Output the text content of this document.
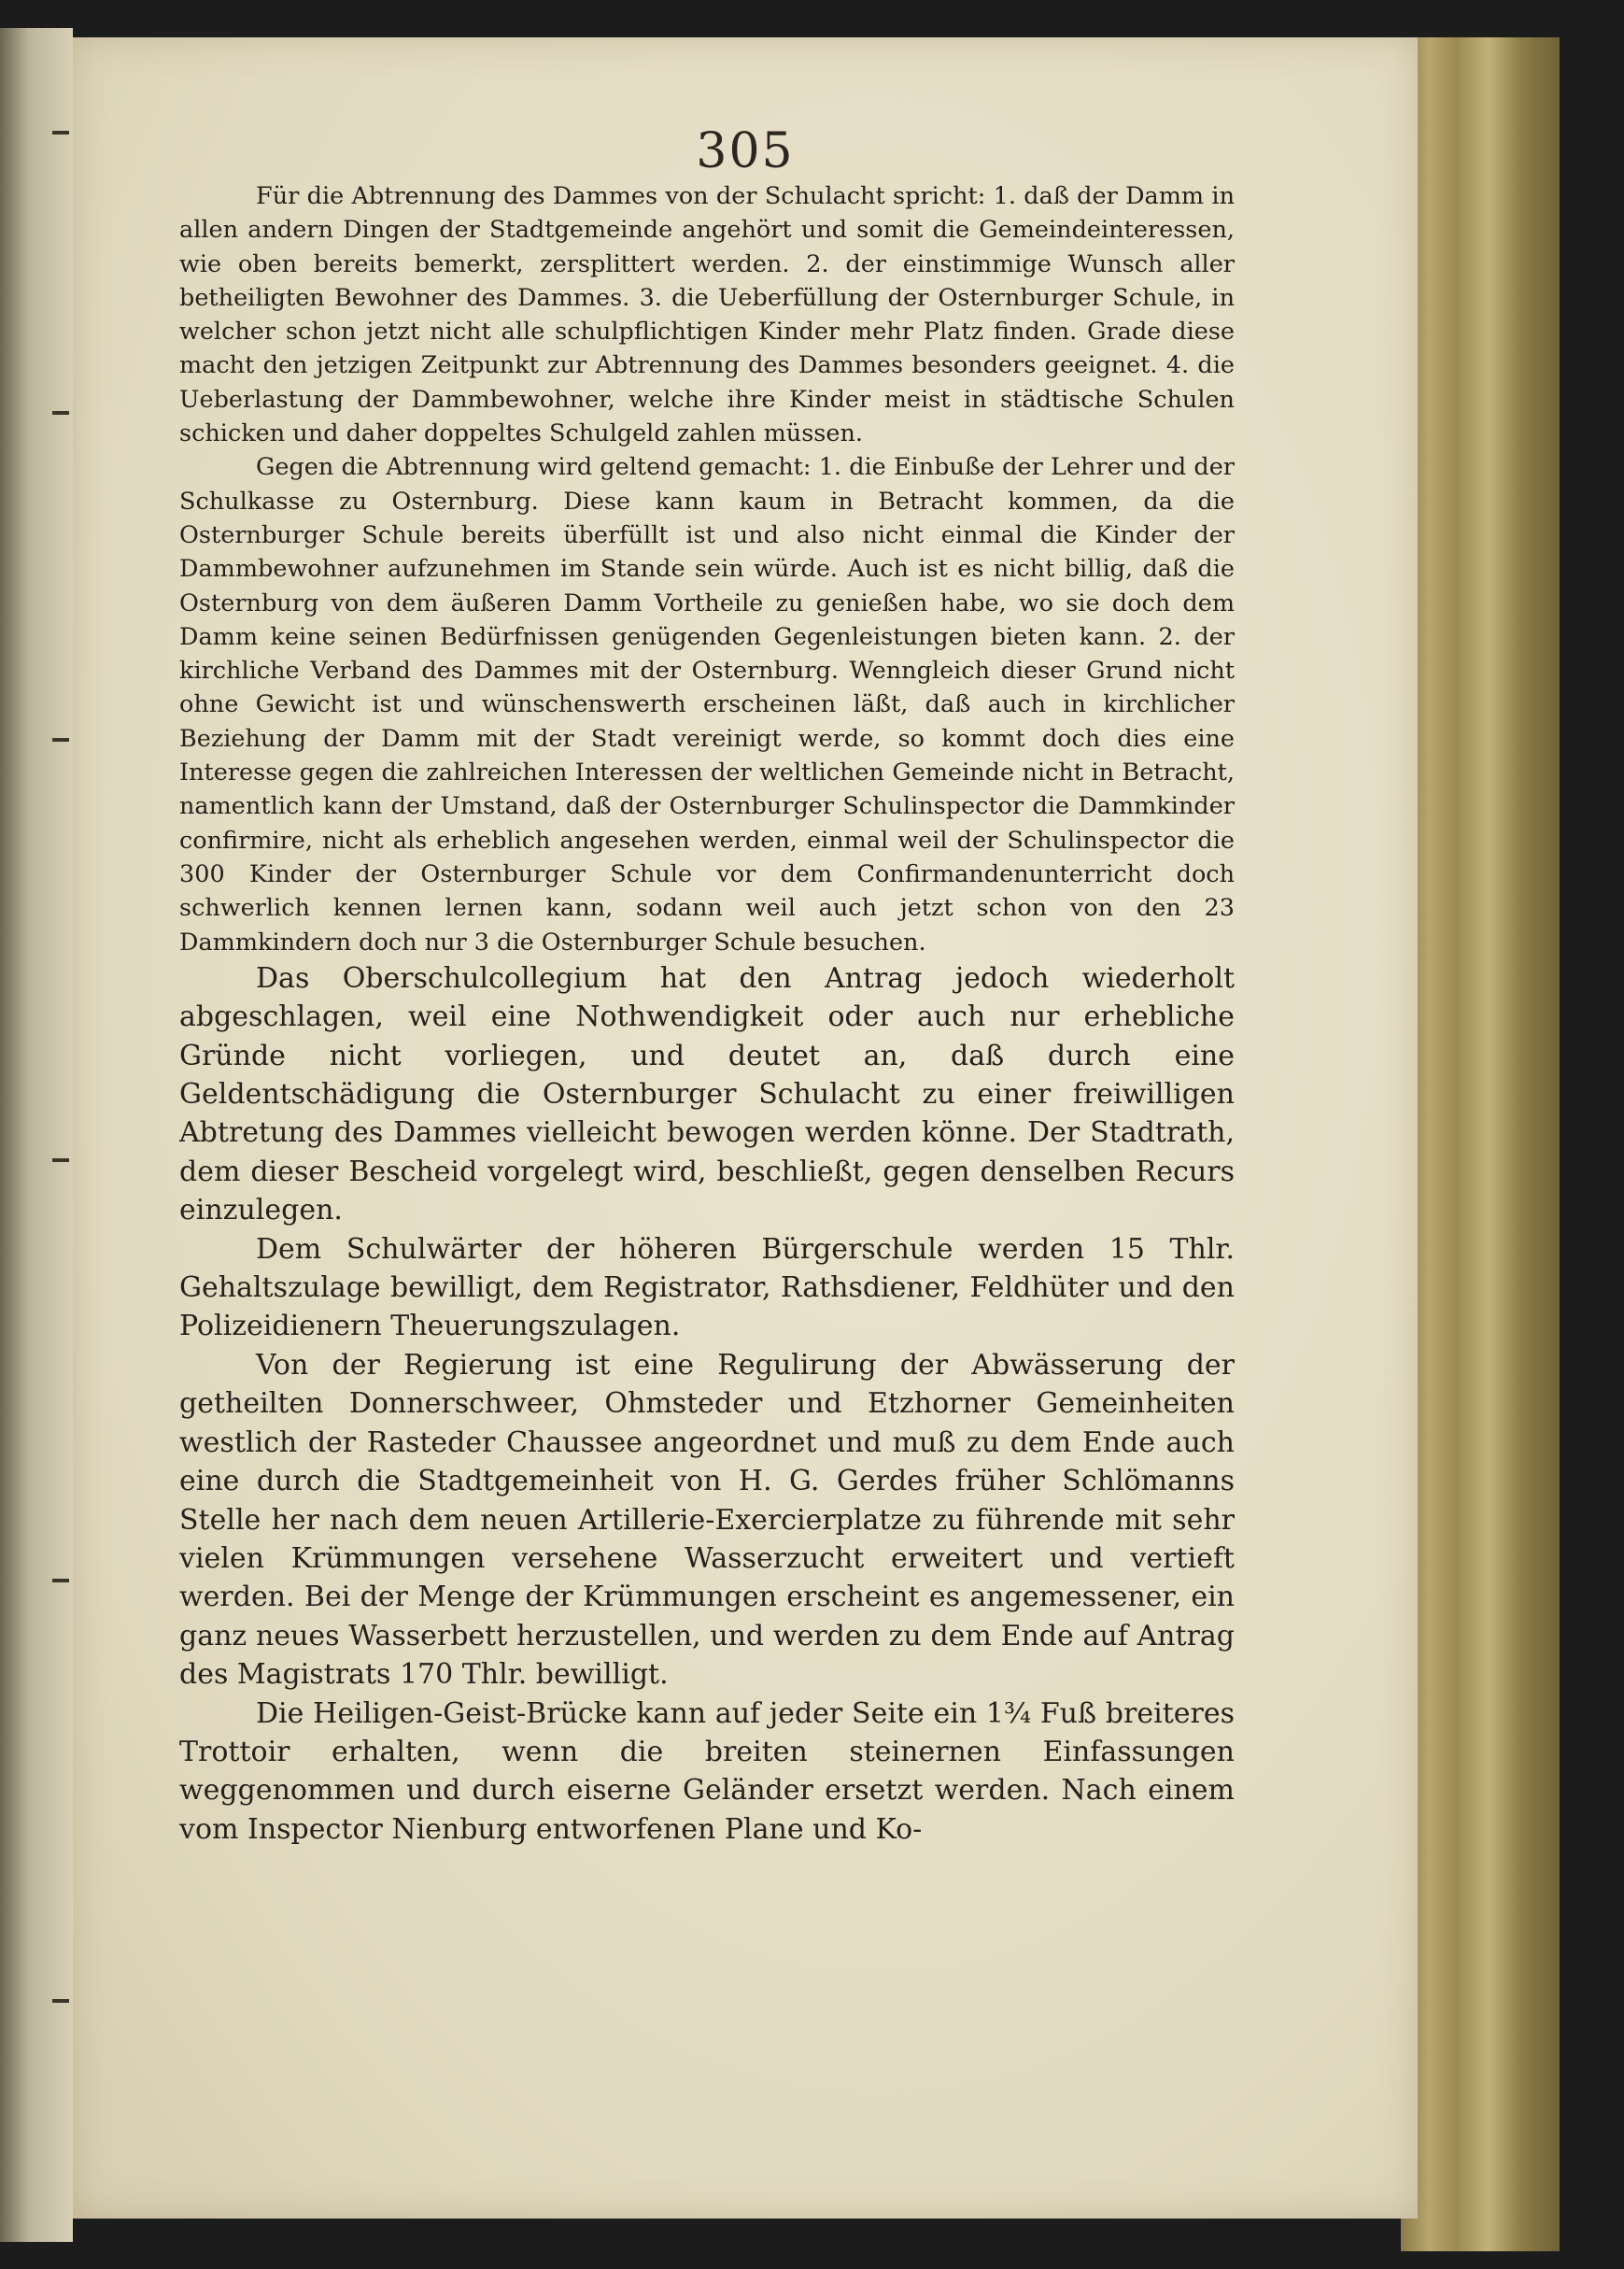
305

Für die Abtrennung des Dammes von der Schulacht spricht: 1. daß der Damm in allen andern Dingen der Stadtgemeinde angehört und somit die Gemeindeinteressen, wie oben bereits bemerkt, zersplittert werden. 2. der einstimmige Wunsch aller betheiligten Bewohner des Dammes. 3. die Ueberfüllung der Osternburger Schule, in welcher schon jetzt nicht alle schulpflichtigen Kinder mehr Platz finden. Grade diese macht den jetzigen Zeitpunkt zur Abtrennung des Dammes besonders geeignet. 4. die Ueberlastung der Dammbewohner, welche ihre Kinder meist in städtische Schulen schicken und daher doppeltes Schulgeld zahlen müssen.

Gegen die Abtrennung wird geltend gemacht: 1. die Einbuße der Lehrer und der Schulkasse zu Osternburg. Diese kann kaum in Betracht kommen, da die Osternburger Schule bereits überfüllt ist und also nicht einmal die Kinder der Dammbewohner aufzunehmen im Stande sein würde. Auch ist es nicht billig, daß die Osternburg von dem äußeren Damm Vortheile zu genießen habe, wo sie doch dem Damm keine seinen Bedürfnissen genügenden Gegenleistungen bieten kann. 2. der kirchliche Verband des Dammes mit der Osternburg. Wenngleich dieser Grund nicht ohne Gewicht ist und wünschenswerth erscheinen läßt, daß auch in kirchlicher Beziehung der Damm mit der Stadt vereinigt werde, so kommt doch dies eine Interesse gegen die zahlreichen Interessen der weltlichen Gemeinde nicht in Betracht, namentlich kann der Umstand, daß der Osternburger Schulinspector die Dammkinder confirmire, nicht als erheblich angesehen werden, einmal weil der Schulinspector die 300 Kinder der Osternburger Schule vor dem Confirmandenunterricht doch schwerlich kennen lernen kann, sodann weil auch jetzt schon von den 23 Dammkindern doch nur 3 die Osternburger Schule besuchen.

Das Oberschulcollegium hat den Antrag jedoch wiederholt abgeschlagen, weil eine Nothwendigkeit oder auch nur erhebliche Gründe nicht vorliegen, und deutet an, daß durch eine Geldentschädigung die Osternburger Schulacht zu einer freiwilligen Abtretung des Dammes vielleicht bewogen werden könne. Der Stadtrath, dem dieser Bescheid vorgelegt wird, beschließt, gegen denselben Recurs einzulegen.

Dem Schulwärter der höheren Bürgerschule werden 15 Thlr. Gehaltszulage bewilligt, dem Registrator, Rathsdiener, Feldhüter und den Polizeidienern Theuerungszulagen.

Von der Regierung ist eine Regulirung der Abwässerung der getheilten Donnerschweer, Ohmsteder und Etzhorner Gemeinheiten westlich der Rasteder Chaussee angeordnet und muß zu dem Ende auch eine durch die Stadtgemeinheit von H. G. Gerdes früher Schlömanns Stelle her nach dem neuen Artillerie-Exercierplatze zu führende mit sehr vielen Krümmungen versehene Wasserzucht erweitert und vertieft werden. Bei der Menge der Krümmungen erscheint es angemessener, ein ganz neues Wasserbett herzustellen, und werden zu dem Ende auf Antrag des Magistrats 170 Thlr. bewilligt.

Die Heiligen-Geist-Brücke kann auf jeder Seite ein 1¾ Fuß breiteres Trottoir erhalten, wenn die breiten steinernen Einfassungen weggenommen und durch eiserne Geländer ersetzt werden. Nach einem vom Inspector Nienburg entworfenen Plane und Ko-
